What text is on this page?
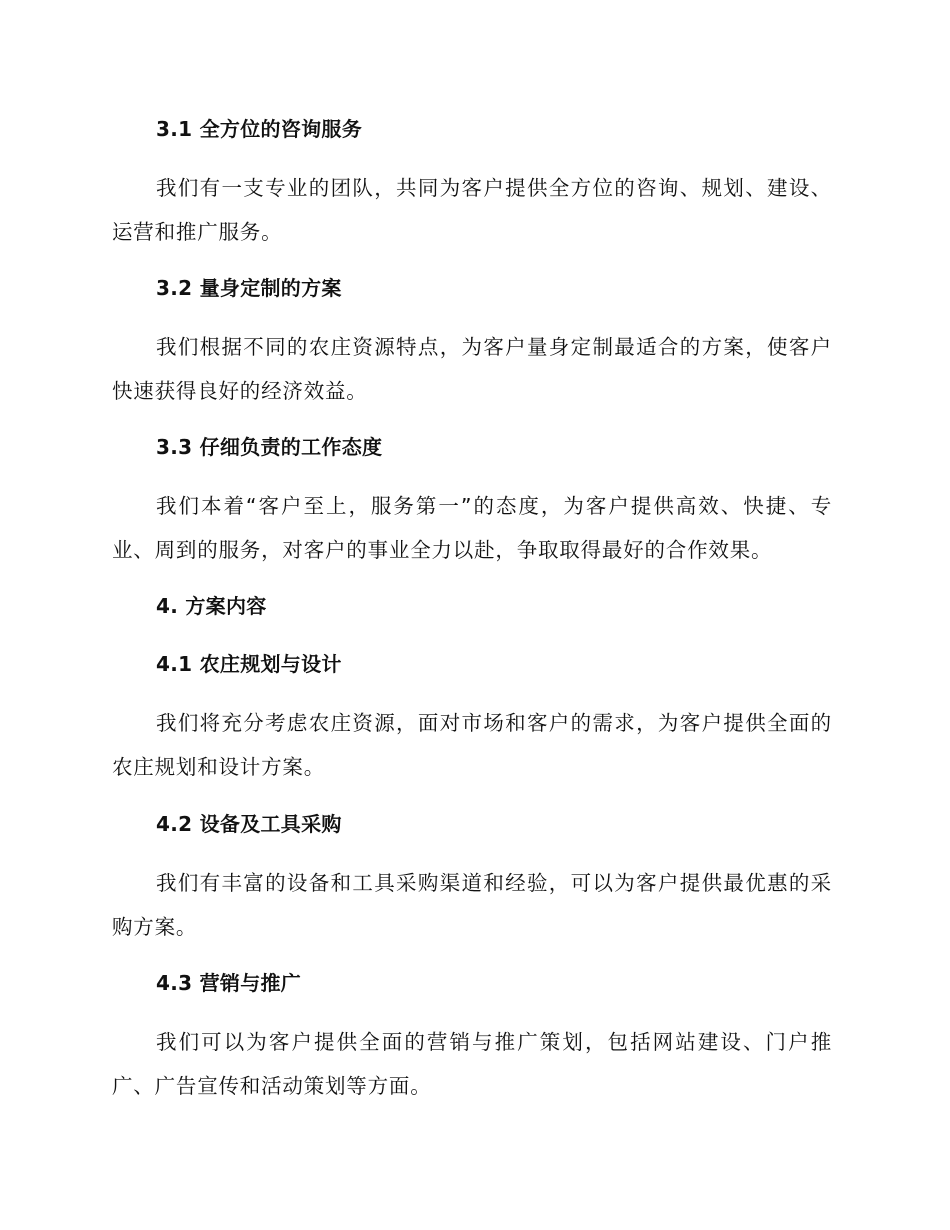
3.1 全方位的咨询服务
我们有一支专业的团队，共同为客户提供全方位的咨询、规划、建设、运营和推广服务。
3.2 量身定制的方案
我们根据不同的农庄资源特点，为客户量身定制最适合的方案，使客户快速获得良好的经济效益。
3.3 仔细负责的工作态度
我们本着“客户至上，服务第一”的态度，为客户提供高效、快捷、专业、周到的服务，对客户的事业全力以赴，争取取得最好的合作效果。
4. 方案内容
4.1 农庄规划与设计
我们将充分考虑农庄资源，面对市场和客户的需求，为客户提供全面的农庄规划和设计方案。
4.2 设备及工具采购
我们有丰富的设备和工具采购渠道和经验，可以为客户提供最优惠的采购方案。
4.3 营销与推广
我们可以为客户提供全面的营销与推广策划，包括网站建设、门户推广、广告宣传和活动策划等方面。
